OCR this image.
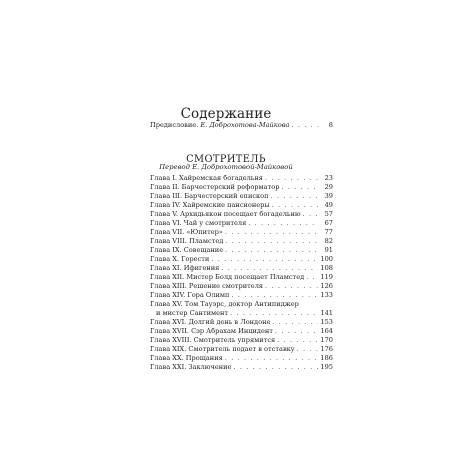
Содержание
Предисловие. Е. Доброхотова-Майкова . . .	8
СМОТРИТЕЛЬ
Перевод Е. Доброхотовой-Майковой
Глава I. Хайремская богадельня . . .	23
Глава II. Барчестерский реформатор . . .	29
Глава III. Барчестерский епископ . . .	39
Глава IV. Хайремские пансионеры . . .	49
Глава V. Архидьякон посещает богадельню . . .	57
Глава VI. Чай у смотрителя . . .	67
Глава VII. «Юпитер» . . .	77
Глава VIII. Пламстед . . .	82
Глава IX. Совещание . . .	91
Глава X. Горести . . .	100
Глава XI. Ифигения . . .	108
Глава XII. Мистер Болд посещает Пламстед . . . 119
Глава XIII. Решение смотрителя . . .	126
Глава XIV. Гора Олимп . . .	133
Глава XV. Том Тауэрс, доктор Антипиджер
и мистер Сантимент . . .	141
Глава XVI. Долгий день в Лондоне . . .	153
Глава XVII. Сэр Абрахам Инцидент . . .	164
Глава XVIII. Смотритель упрямится . . .	170
Глава XIX. Смотритель подает в отставку . . .	176
Глава XX. Прощания . . .	186
Глава XXI. Заключение . . .	195
